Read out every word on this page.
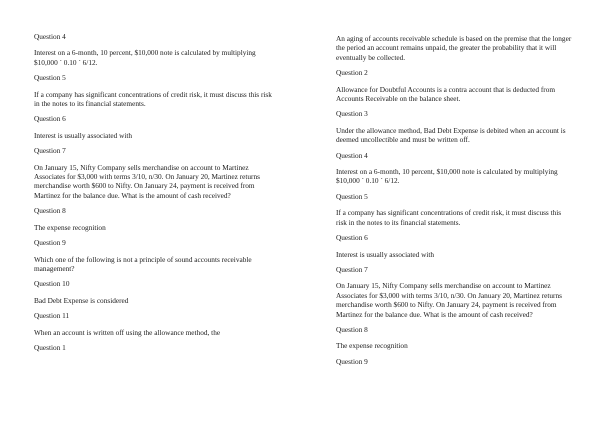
Question 4

Interest on a 6-month, 10 percent, $10,000 note is calculated by multiplying $10,000 ´ 0.10 ´ 6/12.

Question 5

If a company has significant concentrations of credit risk, it must discuss this risk in the notes to its financial statements.

Question 6

Interest is usually associated with

Question 7

On January 15, Nifty Company sells merchandise on account to Martinez Associates for $3,000 with terms 3/10, n/30. On January 20, Martinez returns merchandise worth $600 to Nifty. On January 24, payment is received from Martinez for the balance due. What is the amount of cash received?

Question 8

The expense recognition

Question 9

Which one of the following is not a principle of sound accounts receivable management?

Question 10

Bad Debt Expense is considered

Question 11

When an account is written off using the allowance method, the

Question 1

An aging of accounts receivable schedule is based on the premise that the longer the period an account remains unpaid, the greater the probability that it will eventually be collected.

Question 2

Allowance for Doubtful Accounts is a contra account that is deducted from Accounts Receivable on the balance sheet.

Question 3

Under the allowance method, Bad Debt Expense is debited when an account is deemed uncollectible and must be written off.

Question 4

Interest on a 6-month, 10 percent, $10,000 note is calculated by multiplying $10,000 ´ 0.10 ´ 6/12.

Question 5

If a company has significant concentrations of credit risk, it must discuss this risk in the notes to its financial statements.

Question 6

Interest is usually associated with

Question 7

On January 15, Nifty Company sells merchandise on account to Martinez Associates for $3,000 with terms 3/10, n/30. On January 20, Martinez returns merchandise worth $600 to Nifty. On January 24, payment is received from Martinez for the balance due. What is the amount of cash received?

Question 8

The expense recognition

Question 9
